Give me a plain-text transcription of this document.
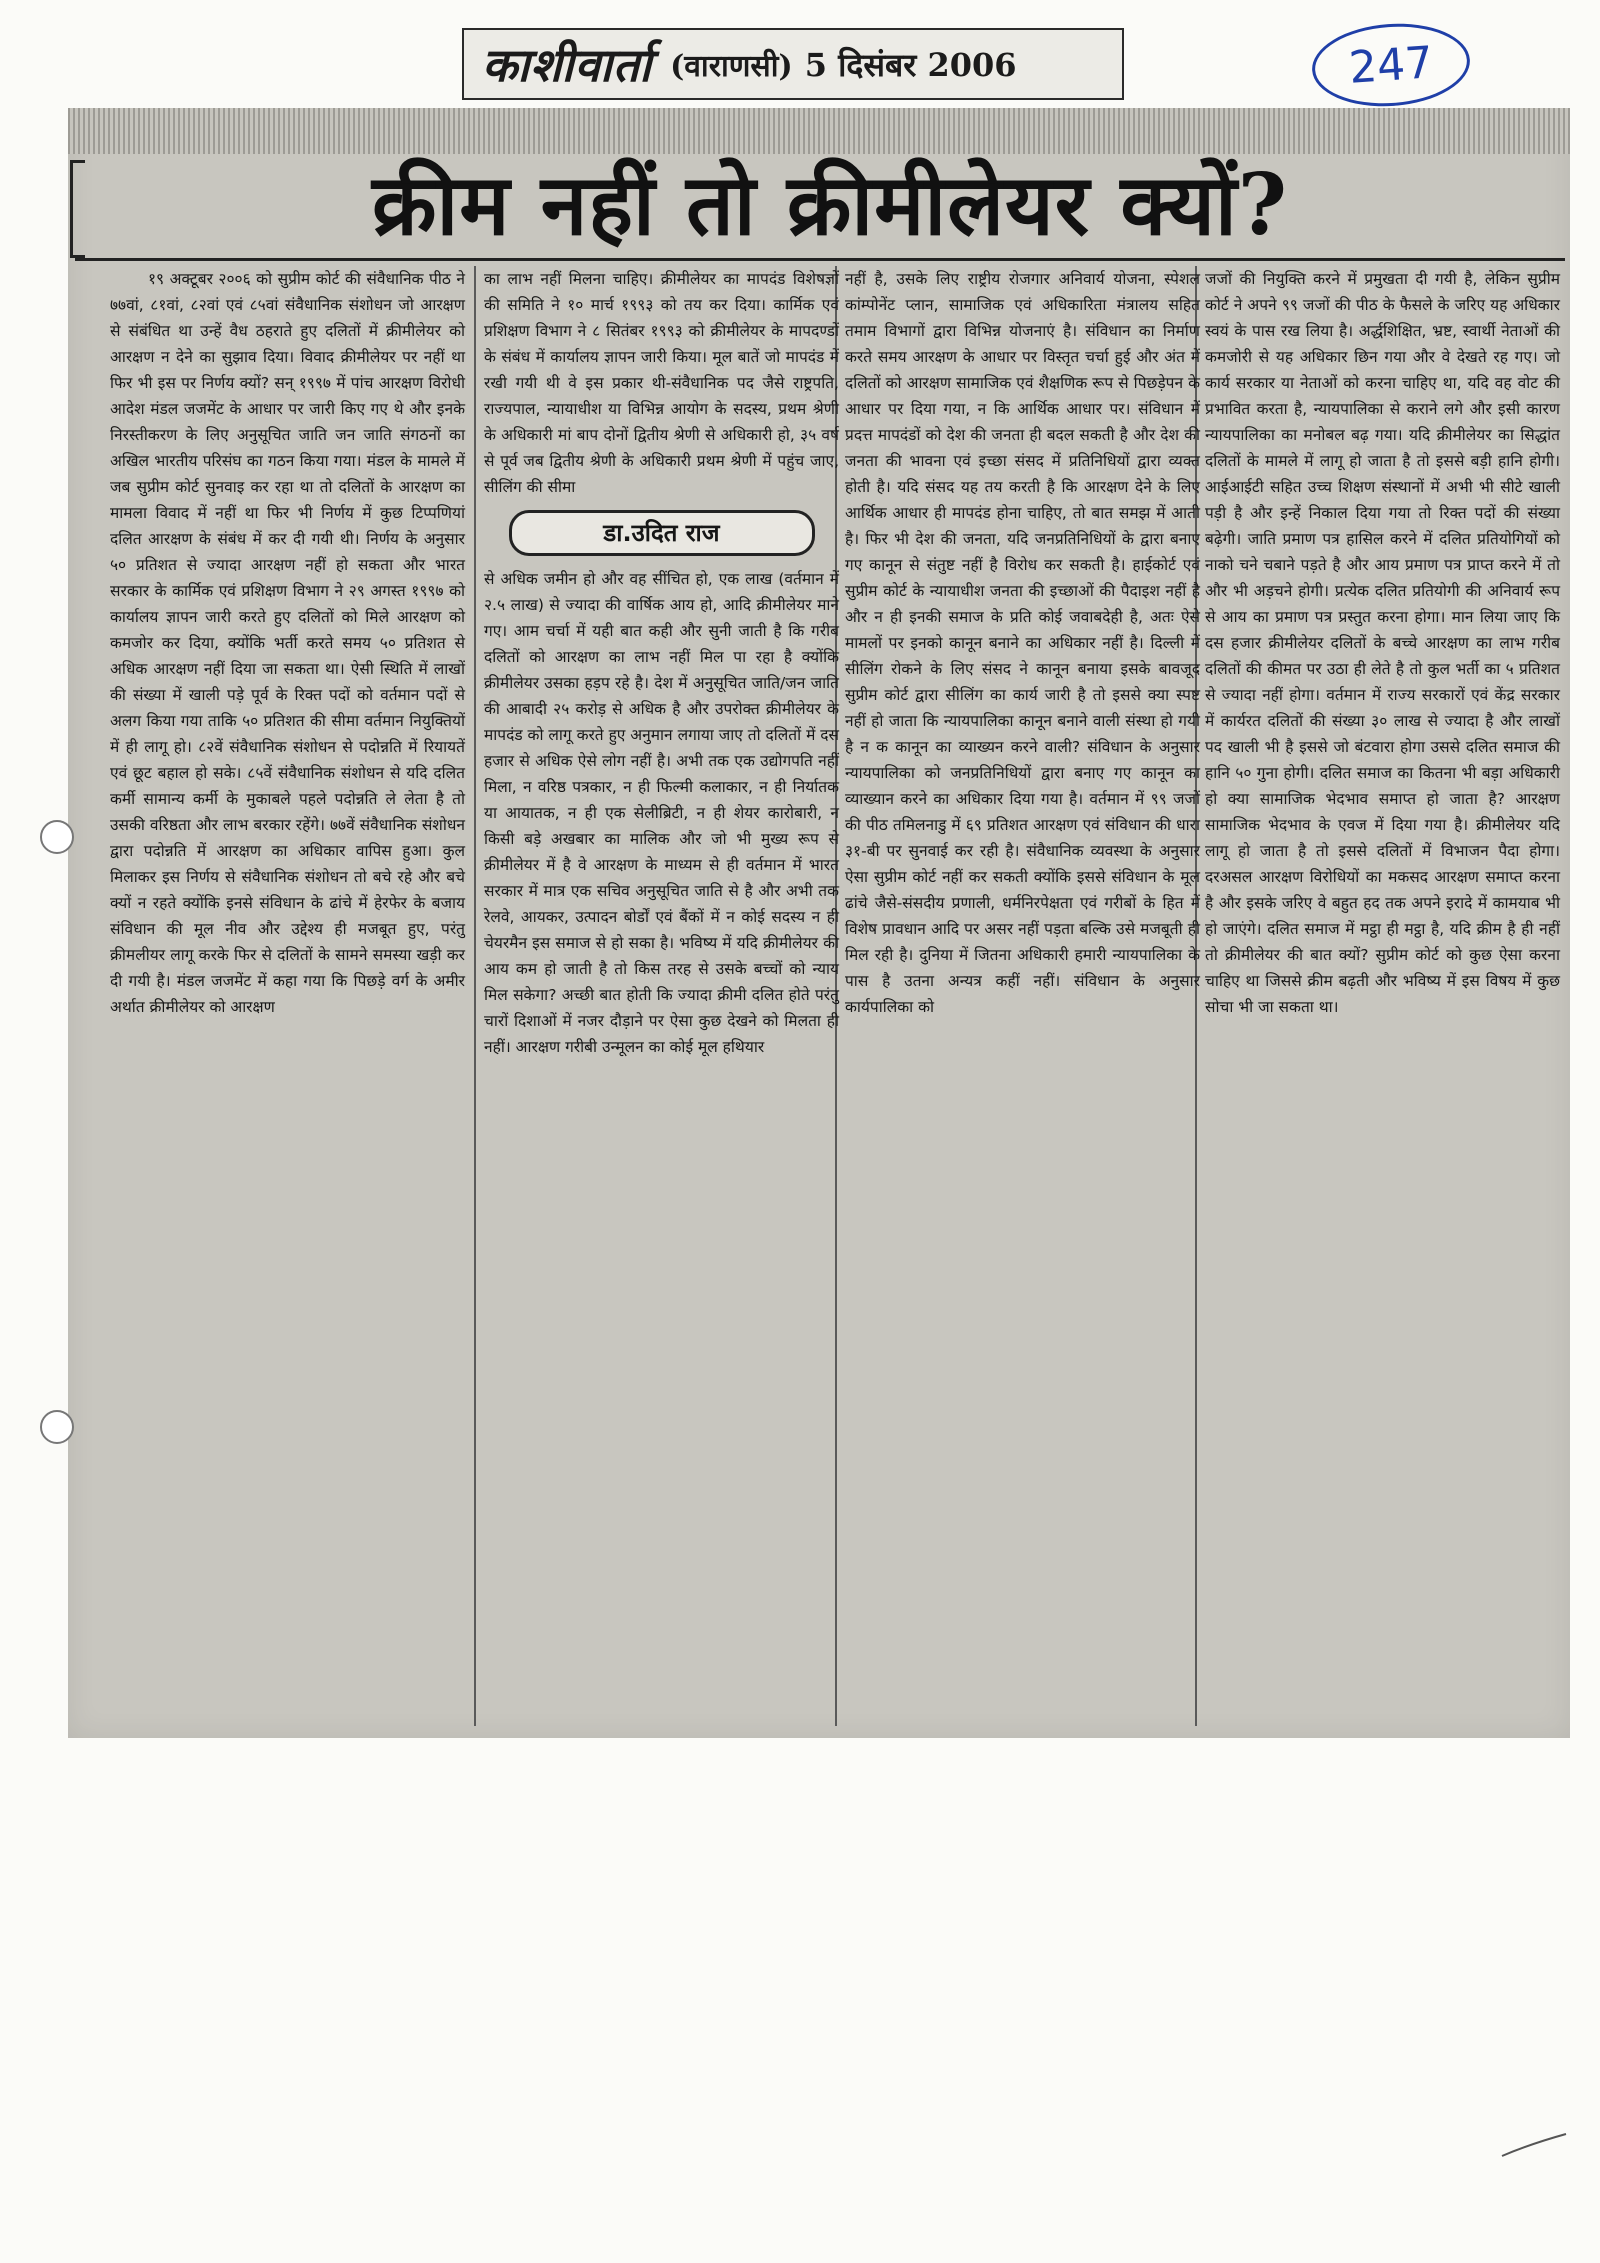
काशीवार्ता (वाराणसी) 5 दिसंबर 2006	247
क्रीम नहीं तो क्रीमीलेयर क्यों?
१९ अक्टूबर २००६ को सुप्रीम कोर्ट की संवैधानिक पीठ ने ७७वां, ८१वां, ८२वां एवं ८५वां संवैधानिक संशोधन जो आरक्षण से संबंधित था उन्हें वैध ठहराते हुए दलितों में क्रीमीलेयर को आरक्षण न देने का सुझाव दिया। विवाद क्रीमीलेयर पर नहीं था फिर भी इस पर निर्णय क्यों? सन् १९९७ में पांच आरक्षण विरोधी आदेश मंडल जजमेंट के आधार पर जारी किए गए थे और इनके निरस्तीकरण के लिए अनुसूचित जाति जन जाति संगठनों का अखिल भारतीय परिसंघ का गठन किया गया। मंडल के मामले में जब सुप्रीम कोर्ट सुनवाइ कर रहा था तो दलितों के आरक्षण का मामला विवाद में नहीं था फिर भी निर्णय में कुछ टिप्पणियां दलित आरक्षण के संबंध में कर दी गयी थी। निर्णय के अनुसार ५० प्रतिशत से ज्यादा आरक्षण नहीं हो सकता और भारत सरकार के कार्मिक एवं प्रशिक्षण विभाग ने २९ अगस्त १९९७ को कार्यालय ज्ञापन जारी करते हुए दलितों को मिले आरक्षण को कमजोर कर दिया, क्योंकि भर्ती करते समय ५० प्रतिशत से अधिक आरक्षण नहीं दिया जा सकता था। ऐसी स्थिति में लाखों की संख्या में खाली पड़े पूर्व के रिक्त पदों को वर्तमान पदों से अलग किया गया ताकि ५० प्रतिशत की सीमा वर्तमान नियुक्तियों में ही लागू हो। ८२वें संवैधानिक संशोधन से पदोन्नति में रियायतें एवं छूट बहाल हो सके। ८५वें संवैधानिक संशोधन से यदि दलित कर्मी सामान्य कर्मी के मुकाबले पहले पदोन्नति ले लेता है तो उसकी वरिष्ठता और लाभ बरकार रहेंगे। ७७वें संवैधानिक संशोधन द्वारा पदोन्नति में आरक्षण का अधिकार वापिस हुआ। कुल मिलाकर इस निर्णय से संवैधानिक संशोधन तो बचे रहे और बचे क्यों न रहते क्योंकि इनसे संविधान के ढांचे में हेरफेर के बजाय संविधान की मूल नीव और उद्देश्य ही मजबूत हुए, परंतु क्रीमलीयर लागू करके फिर से दलितों के सामने समस्या खड़ी कर दी गयी है। मंडल जजमेंट में कहा गया कि पिछड़े वर्ग के अमीर अर्थात क्रीमीलेयर को आरक्षण
का लाभ नहीं मिलना चाहिए। क्रीमीलेयर का मापदंड विशेषज्ञों की समिति ने १० मार्च १९९३ को तय कर दिया। कार्मिक एवं प्रशिक्षण विभाग ने ८ सितंबर १९९३ को क्रीमीलेयर के मापदण्डों के संबंध में कार्यालय ज्ञापन जारी किया। मूल बातें जो मापदंड में रखी गयी थी वे इस प्रकार थी-संवैधानिक पद जैसे राष्ट्रपति, राज्यपाल, न्यायाधीश या विभिन्न आयोग के सदस्य, प्रथम श्रेणी के अधिकारी मां बाप दोनों द्वितीय श्रेणी से अधिकारी हो, ३५ वर्ष से पूर्व जब द्वितीय श्रेणी के अधिकारी प्रथम श्रेणी में पहुंच जाए, सीलिंग की सीमा
डा.उदित राज
से अधिक जमीन हो और वह सींचित हो, एक लाख (वर्तमान में २.५ लाख) से ज्यादा की वार्षिक आय हो, आदि क्रीमीलेयर माने गए। आम चर्चा में यही बात कही और सुनी जाती है कि गरीब दलितों को आरक्षण का लाभ नहीं मिल पा रहा है क्योंकि क्रीमीलेयर उसका हड़प रहे है। देश में अनुसूचित जाति/जन जाति की आबादी २५ करोड़ से अधिक है और उपरोक्त क्रीमीलेयर के मापदंड को लागू करते हुए अनुमान लगाया जाए तो दलितों में दस हजार से अधिक ऐसे लोग नहीं है। अभी तक एक उद्योगपति नहीं मिला, न वरिष्ठ पत्रकार, न ही फिल्मी कलाकार, न ही निर्यातक या आयातक, न ही एक सेलीब्रिटी, न ही शेयर कारोबारी, न किसी बड़े अखबार का मालिक और जो भी मुख्य रूप से क्रीमीलेयर में है वे आरक्षण के माध्यम से ही वर्तमान में भारत सरकार में मात्र एक सचिव अनुसूचित जाति से है और अभी तक रेलवे, आयकर, उत्पादन बोर्डों एवं बैंकों में न कोई सदस्य न ही चेयरमैन इस समाज से हो सका है। भविष्य में यदि क्रीमीलेयर की आय कम हो जाती है तो किस तरह से उसके बच्चों को न्याय मिल सकेगा? अच्छी बात होती कि ज्यादा क्रीमी दलित होते परंतु चारों दिशाओं में नजर दौड़ाने पर ऐसा कुछ देखने को मिलता ही नहीं। आरक्षण गरीबी उन्मूलन का कोई मूल हथियार
नहीं है, उसके लिए राष्ट्रीय रोजगार अनिवार्य योजना, स्पेशल कांम्पोनेंट प्लान, सामाजिक एवं अधिकारिता मंत्रालय सहित तमाम विभागों द्वारा विभिन्न योजनाएं है। संविधान का निर्माण करते समय आरक्षण के आधार पर विस्तृत चर्चा हुई और अंत में दलितों को आरक्षण सामाजिक एवं शैक्षणिक रूप से पिछड़ेपन के आधार पर दिया गया, न कि आर्थिक आधार पर। संविधान में प्रदत्त मापदंडों को देश की जनता ही बदल सकती है और देश की जनता की भावना एवं इच्छा संसद में प्रतिनिधियों द्वारा व्यक्त होती है। यदि संसद यह तय करती है कि आरक्षण देने के लिए आर्थिक आधार ही मापदंड होना चाहिए, तो बात समझ में आती है। फिर भी देश की जनता, यदि जनप्रतिनिधियों के द्वारा बनाए गए कानून से संतुष्ट नहीं है विरोध कर सकती है। हाईकोर्ट एवं सुप्रीम कोर्ट के न्यायाधीश जनता की इच्छाओं की पैदाइश नहीं है और न ही इनकी समाज के प्रति कोई जवाबदेही है, अतः ऐसे मामलों पर इनको कानून बनाने का अधिकार नहीं है। दिल्ली में सीलिंग रोकने के लिए संसद ने कानून बनाया इसके बावजूद सुप्रीम कोर्ट द्वारा सीलिंग का कार्य जारी है तो इससे क्या स्पष्ट नहीं हो जाता कि न्यायपालिका कानून बनाने वाली संस्था हो गयी है न क कानून का व्याख्यन करने वाली? संविधान के अनुसार न्यायपालिका को जनप्रतिनिधियों द्वारा बनाए गए कानून का व्याख्यान करने का अधिकार दिया गया है। वर्तमान में ९९ जजों की पीठ तमिलनाडु में ६९ प्रतिशत आरक्षण एवं संविधान की धारा ३१-बी पर सुनवाई कर रही है। संवैधानिक व्यवस्था के अनुसार ऐसा सुप्रीम कोर्ट नहीं कर सकती क्योंकि इससे संविधान के मूल ढांचे जैसे-संसदीय प्रणाली, धर्मनिरपेक्षता एवं गरीबों के हित में विशेष प्रावधान आदि पर असर नहीं पड़ता बल्कि उसे मजबूती ही मिल रही है। दुनिया में जितना अधिकारी हमारी न्यायपालिका के पास है उतना अन्यत्र कहीं नहीं। संविधान के अनुसार कार्यपालिका को
जजों की नियुक्ति करने में प्रमुखता दी गयी है, लेकिन सुप्रीम कोर्ट ने अपने ९९ जजों की पीठ के फैसले के जरिए यह अधिकार स्वयं के पास रख लिया है। अर्द्धशिक्षित, भ्रष्ट, स्वार्थी नेताओं की कमजोरी से यह अधिकार छिन गया और वे देखते रह गए। जो कार्य सरकार या नेताओं को करना चाहिए था, यदि वह वोट की प्रभावित करता है, न्यायपालिका से कराने लगे और इसी कारण न्यायपालिका का मनोबल बढ़ गया। यदि क्रीमीलेयर का सिद्धांत दलितों के मामले में लागू हो जाता है तो इससे बड़ी हानि होगी। आईआईटी सहित उच्च शिक्षण संस्थानों में अभी भी सीटे खाली पड़ी है और इन्हें निकाल दिया गया तो रिक्त पदों की संख्या बढ़ेगी। जाति प्रमाण पत्र हासिल करने में दलित प्रतियोगियों को नाको चने चबाने पड़ते है और आय प्रमाण पत्र प्राप्त करने में तो और भी अड़चने होगी। प्रत्येक दलित प्रतियोगी की अनिवार्य रूप से आय का प्रमाण पत्र प्रस्तुत करना होगा। मान लिया जाए कि दस हजार क्रीमीलेयर दलितों के बच्चे आरक्षण का लाभ गरीब दलितों की कीमत पर उठा ही लेते है तो कुल भर्ती का ५ प्रतिशत से ज्यादा नहीं होगा। वर्तमान में राज्य सरकारों एवं केंद्र सरकार में कार्यरत दलितों की संख्या ३० लाख से ज्यादा है और लाखों पद खाली भी है इससे जो बंटवारा होगा उससे दलित समाज की हानि ५० गुना होगी। दलित समाज का कितना भी बड़ा अधिकारी हो क्या सामाजिक भेदभाव समाप्त हो जाता है? आरक्षण सामाजिक भेदभाव के एवज में दिया गया है। क्रीमीलेयर यदि लागू हो जाता है तो इससे दलितों में विभाजन पैदा होगा। दरअसल आरक्षण विरोधियों का मकसद आरक्षण समाप्त करना है और इसके जरिए वे बहुत हद तक अपने इरादे में कामयाब भी हो जाएंगे। दलित समाज में मट्ठा ही मट्ठा है, यदि क्रीम है ही नहीं तो क्रीमीलेयर की बात क्यों? सुप्रीम कोर्ट को कुछ ऐसा करना चाहिए था जिससे क्रीम बढ़ती और भविष्य में इस विषय में कुछ सोचा भी जा सकता था।
